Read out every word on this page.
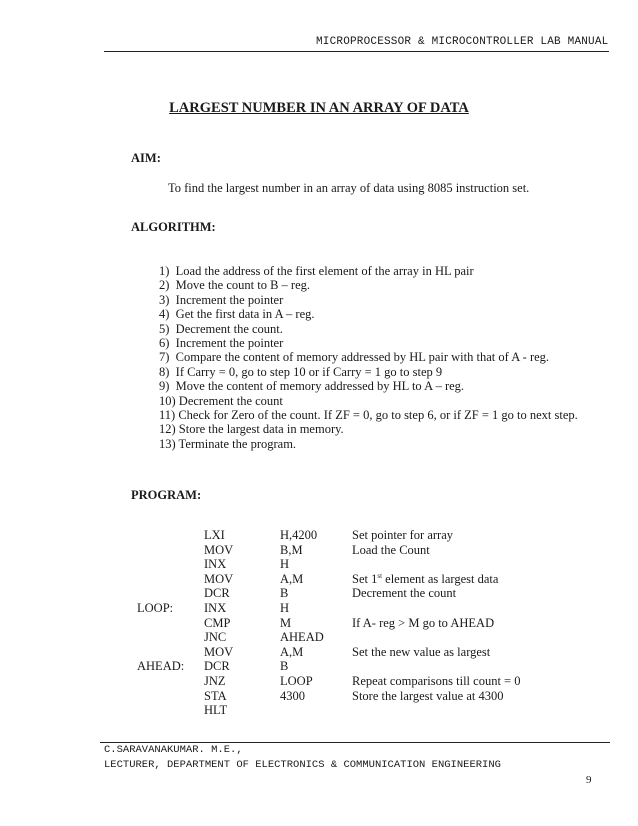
MICROPROCESSOR & MICROCONTROLLER LAB MANUAL
LARGEST NUMBER IN AN ARRAY OF DATA
AIM:
To find the largest number in an array of data using 8085 instruction set.
ALGORITHM:
1)  Load the address of the first element of the array in HL pair
2)  Move the count to B – reg.
3)  Increment the pointer
4)  Get the first data in A – reg.
5)  Decrement the count.
6)  Increment the pointer
7)  Compare the content of memory addressed by HL pair with that of A - reg.
8)  If Carry = 0, go to step 10 or if Carry = 1 go to step 9
9)  Move the content of memory addressed by HL to A – reg.
10) Decrement the count
11) Check for Zero of the count. If ZF = 0, go to step 6, or if ZF = 1 go to next step.
12) Store the largest data in memory.
13) Terminate the program.
PROGRAM:
	LXI	H,4200	Set pointer for array
	MOV	B,M	Load the Count
	INX	H	
	MOV	A,M	Set 1st element as largest data
	DCR	B	Decrement the count
LOOP:	INX	H	
	CMP	M	If A- reg > M go to AHEAD
	JNC	AHEAD	
	MOV	A,M	Set the new value as largest
AHEAD:	DCR	B	
	JNZ	LOOP	Repeat comparisons till count = 0
	STA	4300	Store the largest value at 4300
	HLT		
C.SARAVANAKUMAR. M.E.,
LECTURER, DEPARTMENT OF ELECTRONICS & COMMUNICATION ENGINEERING
9
